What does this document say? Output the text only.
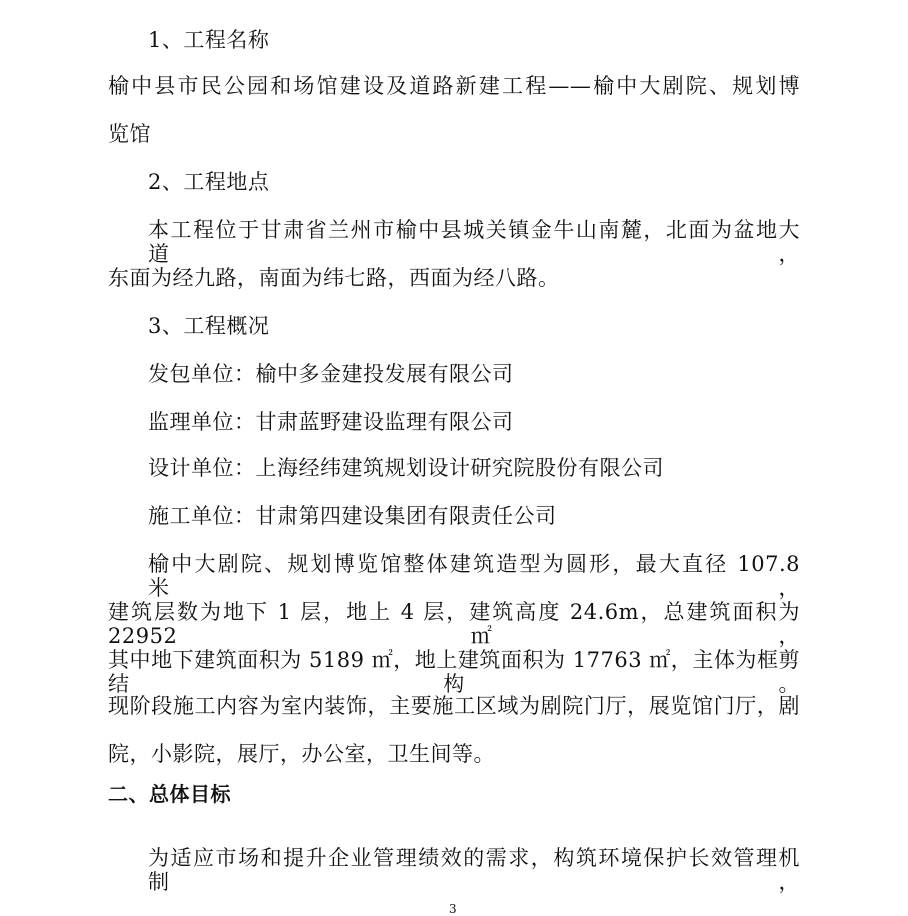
1、工程名称
榆中县市民公园和场馆建设及道路新建工程——榆中大剧院、规划博
览馆
2、工程地点
本工程位于甘肃省兰州市榆中县城关镇金牛山南麓，北面为盆地大道，
东面为经九路，南面为纬七路，西面为经八路。
3、工程概况
发包单位：榆中多金建投发展有限公司
监理单位：甘肃蓝野建设监理有限公司
设计单位：上海经纬建筑规划设计研究院股份有限公司
施工单位：甘肃第四建设集团有限责任公司
榆中大剧院、规划博览馆整体建筑造型为圆形，最大直径 107.8 米，
建筑层数为地下 1 层，地上 4 层，建筑高度 24.6m，总建筑面积为 22952 ㎡，
其中地下建筑面积为 5189 ㎡，地上建筑面积为 17763 ㎡，主体为框剪结构。
现阶段施工内容为室内装饰，主要施工区域为剧院门厅，展览馆门厅，剧
院，小影院，展厅，办公室，卫生间等。
二、总体目标
为适应市场和提升企业管理绩效的需求，构筑环境保护长效管理机制，
3
